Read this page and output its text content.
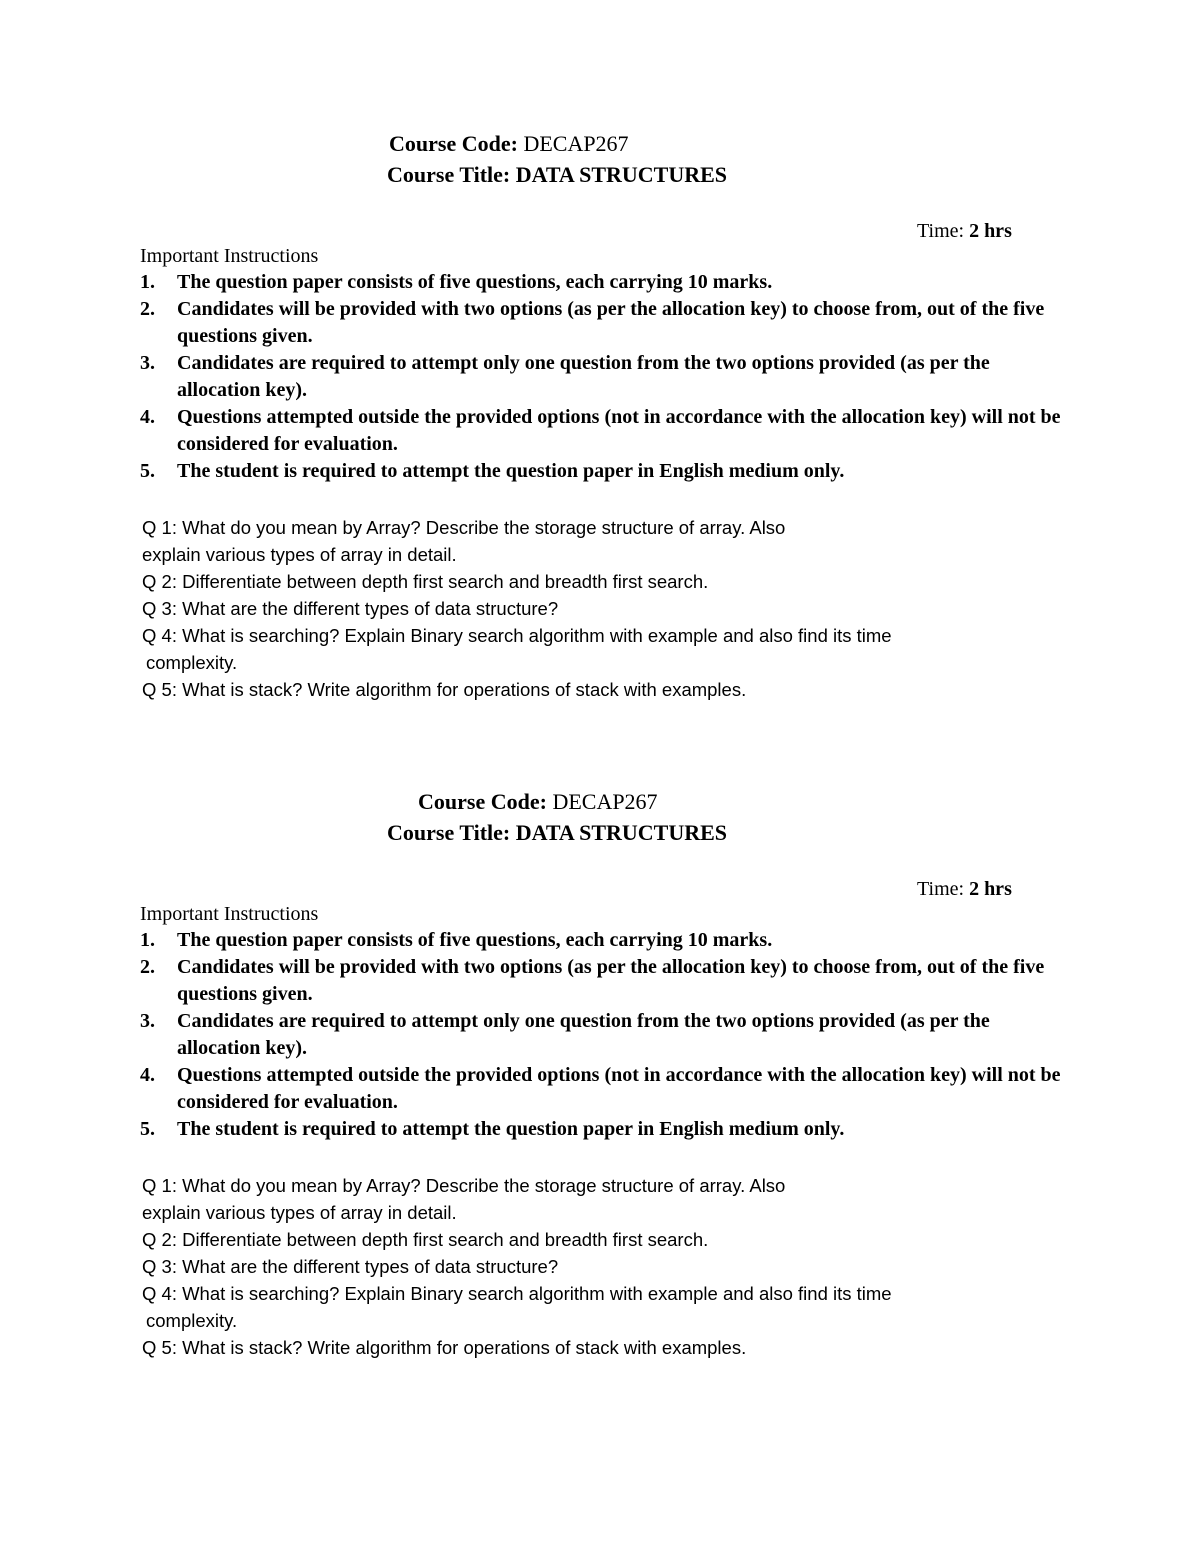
Course Code: DECAP267
Course Title: DATA STRUCTURES
Time: 2 hrs
Important Instructions
1. The question paper consists of five questions, each carrying 10 marks.
2. Candidates will be provided with two options (as per the allocation key) to choose from, out of the five questions given.
3. Candidates are required to attempt only one question from the two options provided (as per the allocation key).
4. Questions attempted outside the provided options (not in accordance with the allocation key) will not be considered for evaluation.
5. The student is required to attempt the question paper in English medium only.

Q 1: What do you mean by Array? Describe the storage structure of array. Also
explain various types of array in detail.

Q 2: Differentiate between depth first search and breadth first search.

Q 3: What are the different types of data structure?

Q 4: What is searching? Explain Binary search algorithm with example and also find its time
complexity.

Q 5: What is stack? Write algorithm for operations of stack with examples.

Course Code: DECAP267
Course Title: DATA STRUCTURES
Time: 2 hrs
Important Instructions
1. The question paper consists of five questions, each carrying 10 marks.
2. Candidates will be provided with two options (as per the allocation key) to choose from, out of the five questions given.
3. Candidates are required to attempt only one question from the two options provided (as per the allocation key).
4. Questions attempted outside the provided options (not in accordance with the allocation key) will not be considered for evaluation.
5. The student is required to attempt the question paper in English medium only.

Q 1: What do you mean by Array? Describe the storage structure of array. Also
explain various types of array in detail.

Q 2: Differentiate between depth first search and breadth first search.

Q 3: What are the different types of data structure?

Q 4: What is searching? Explain Binary search algorithm with example and also find its time
complexity.

Q 5: What is stack? Write algorithm for operations of stack with examples.
